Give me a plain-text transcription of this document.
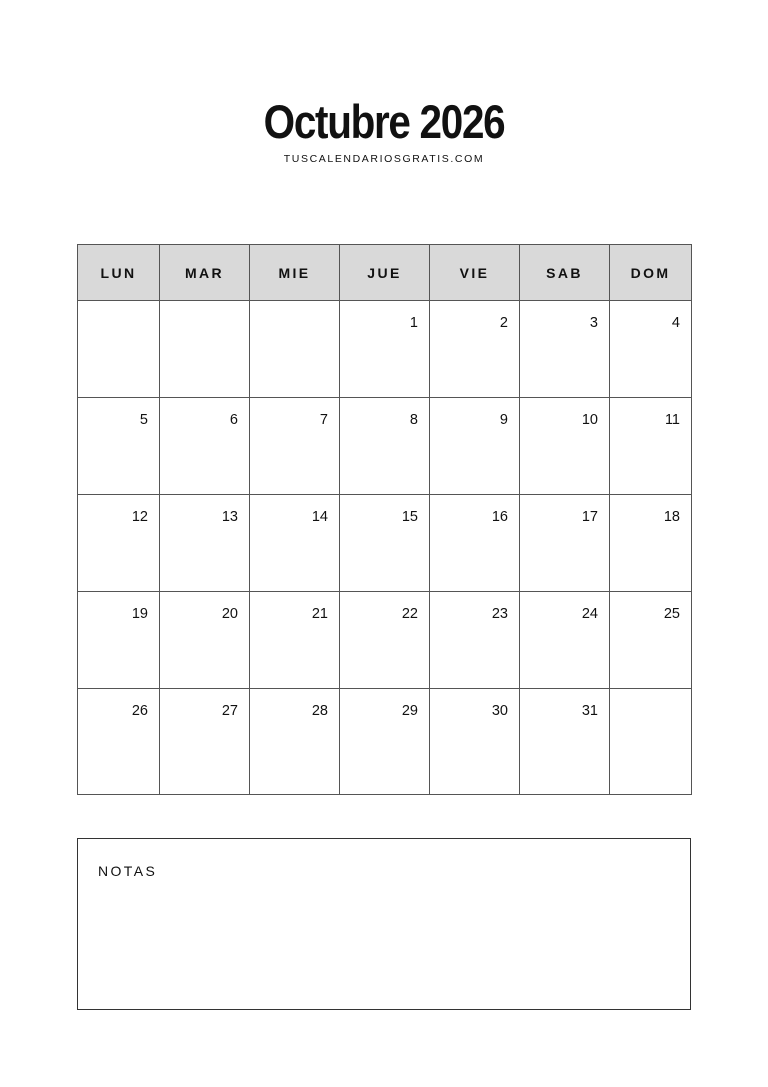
Octubre 2026
TUSCALENDARIOSGRATIS.COM
LUN	MAR	MIE	JUE	VIE	SAB	DOM

			1	2	3	4

5	6	7	8	9	10	11

12	13	14	15	16	17	18

19	20	21	22	23	24	25

26	27	28	29	30	31	

NOTAS
